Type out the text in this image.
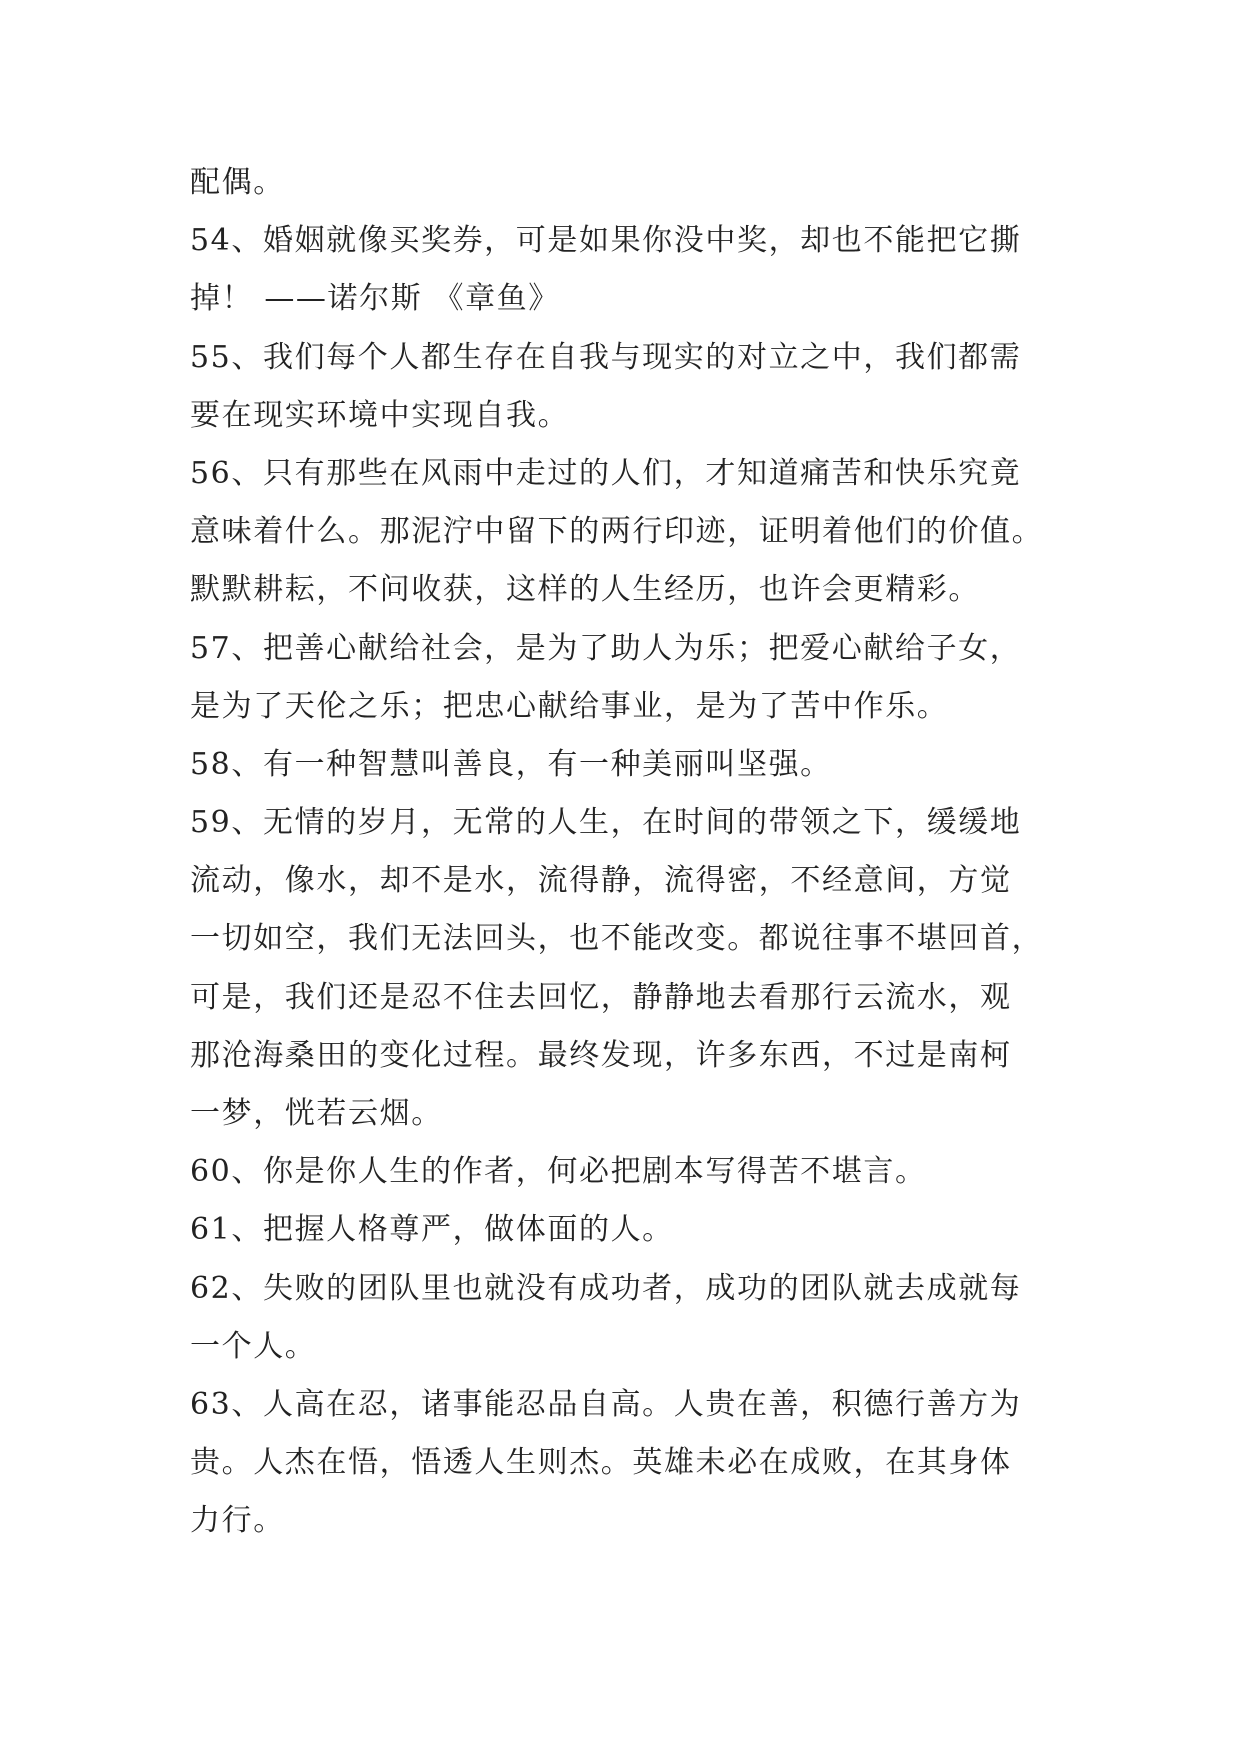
配偶。
54、婚姻就像买奖券，可是如果你没中奖，却也不能把它撕
掉！ ——诺尔斯 《章鱼》
55、我们每个人都生存在自我与现实的对立之中，我们都需
要在现实环境中实现自我。
56、只有那些在风雨中走过的人们，才知道痛苦和快乐究竟
意味着什么。那泥泞中留下的两行印迹，证明着他们的价值。
默默耕耘，不问收获，这样的人生经历，也许会更精彩。
57、把善心献给社会，是为了助人为乐；把爱心献给子女，
是为了天伦之乐；把忠心献给事业，是为了苦中作乐。
58、有一种智慧叫善良，有一种美丽叫坚强。
59、无情的岁月，无常的人生，在时间的带领之下，缓缓地
流动，像水，却不是水，流得静，流得密，不经意间，方觉
一切如空，我们无法回头，也不能改变。都说往事不堪回首，
可是，我们还是忍不住去回忆，静静地去看那行云流水，观
那沧海桑田的变化过程。最终发现，许多东西，不过是南柯
一梦，恍若云烟。
60、你是你人生的作者，何必把剧本写得苦不堪言。
61、把握人格尊严，做体面的人。
62、失败的团队里也就没有成功者，成功的团队就去成就每
一个人。
63、人高在忍，诸事能忍品自高。人贵在善，积德行善方为
贵。人杰在悟，悟透人生则杰。英雄未必在成败，在其身体
力行。
